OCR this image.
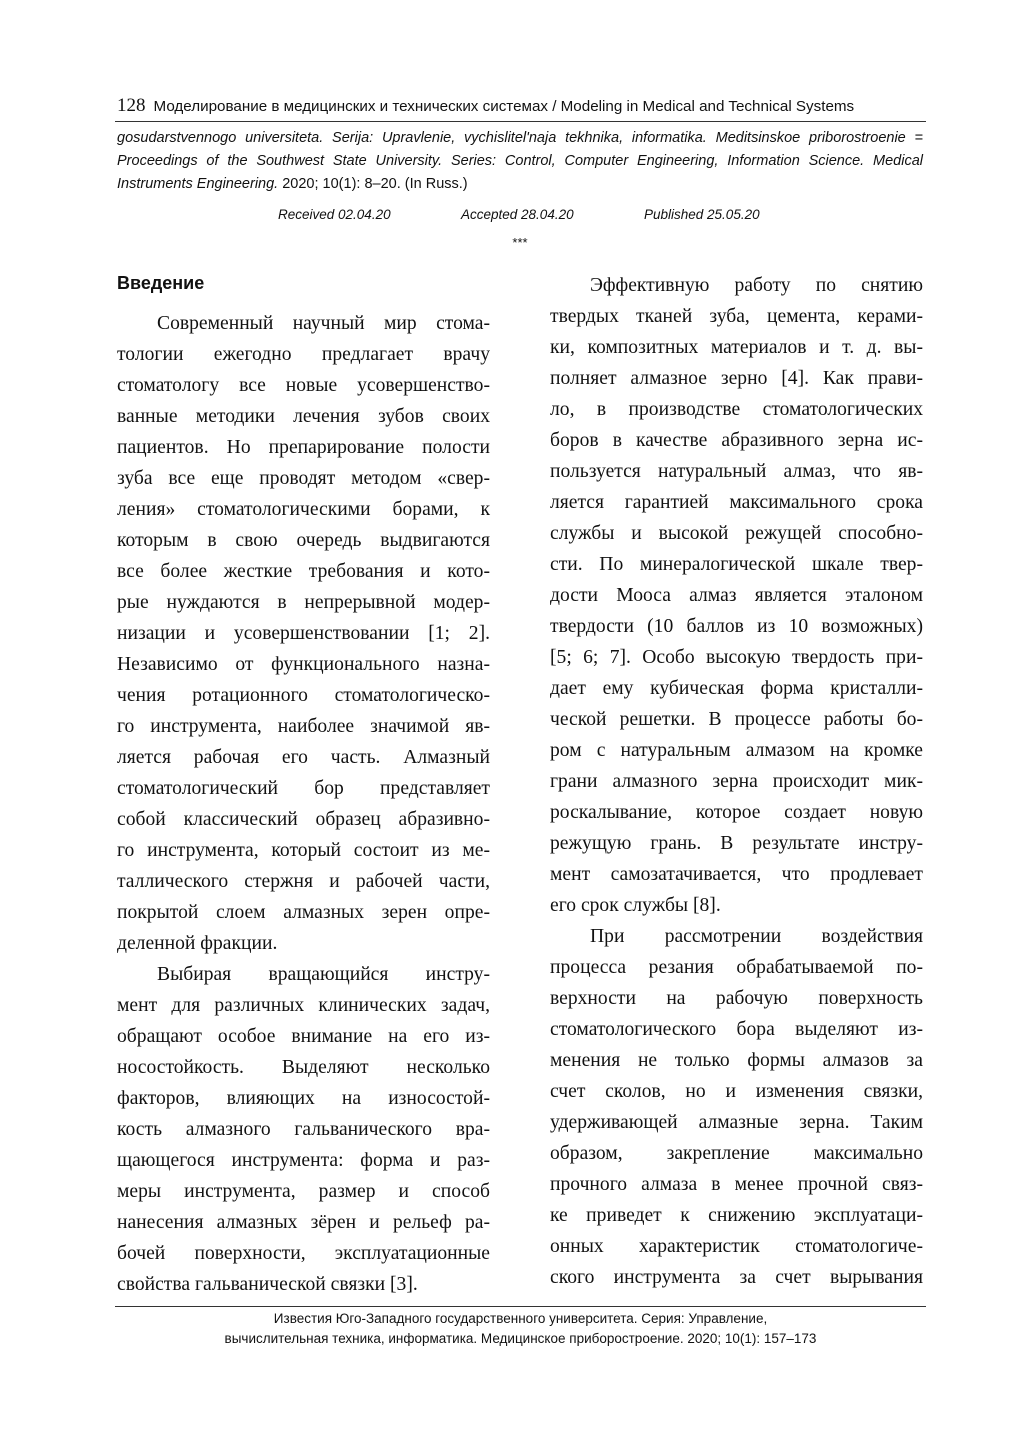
128 Моделирование в медицинских и технических системах / Modeling in Medical and Technical Systems
gosudarstvennogo universiteta. Serija: Upravlenie, vychislitel'naja tekhnika, informatika. Meditsinskoe priborostroenie = Proceedings of the Southwest State University. Series: Control, Computer Engineering, Information Science. Medical Instruments Engineering. 2020; 10(1): 8–20. (In Russ.)
Received 02.04.20	Accepted 28.04.20	Published 25.05.20
***
Введение

Современный научный мир стома-
тологии ежегодно предлагает врачу
стоматологу все новые усовершенство-
ванные методики лечения зубов своих
пациентов. Но препарирование полости
зуба все еще проводят методом «свер-
ления» стоматологическими борами, к
которым в свою очередь выдвигаются
все более жесткие требования и кото-
рые нуждаются в непрерывной модер-
низации и усовершенствовании [1; 2].
Независимо от функционального назна-
чения ротационного стоматологическо-
го инструмента, наиболее значимой яв-
ляется рабочая его часть. Алмазный
стоматологический бор представляет
собой классический образец абразивно-
го инструмента, который состоит из ме-
таллического стержня и рабочей части,
покрытой слоем алмазных зерен опре-
деленной фракции.

Выбирая вращающийся инстру-
мент для различных клинических задач,
обращают особое внимание на его из-
носостойкость. Выделяют несколько
факторов, влияющих на износостой-
кость алмазного гальванического вра-
щающегося инструмента: форма и раз-
меры инструмента, размер и способ
нанесения алмазных зёрен и рельеф ра-
бочей поверхности, эксплуатационные
свойства гальванической связки [3].

Эффективную работу по снятию
твердых тканей зуба, цемента, керами-
ки, композитных материалов и т. д. вы-
полняет алмазное зерно [4]. Как прави-
ло, в производстве стоматологических
боров в качестве абразивного зерна ис-
пользуется натуральный алмаз, что яв-
ляется гарантией максимального срока
службы и высокой режущей способно-
сти. По минералогической шкале твер-
дости Мооса алмаз является эталоном
твердости (10 баллов из 10 возможных)
[5; 6; 7]. Особо высокую твердость при-
дает ему кубическая форма кристалли-
ческой решетки. В процессе работы бо-
ром с натуральным алмазом на кромке
грани алмазного зерна происходит мик-
роскалывание, которое создает новую
режущую грань. В результате инстру-
мент самозатачивается, что продлевает
его срок службы [8].

При рассмотрении воздействия
процесса резания обрабатываемой по-
верхности на рабочую поверхность
стоматологического бора выделяют из-
менения не только формы алмазов за
счет сколов, но и изменения связки,
удерживающей алмазные зерна. Таким
образом, закрепление максимально
прочного алмаза в менее прочной связ-
ке приведет к снижению эксплуатаци-
онных характеристик стоматологиче-
ского инструмента за счет вырывания

Известия Юго-Западного государственного университета. Серия: Управление,
вычислительная техника, информатика. Медицинское приборостроение. 2020; 10(1): 157–173
